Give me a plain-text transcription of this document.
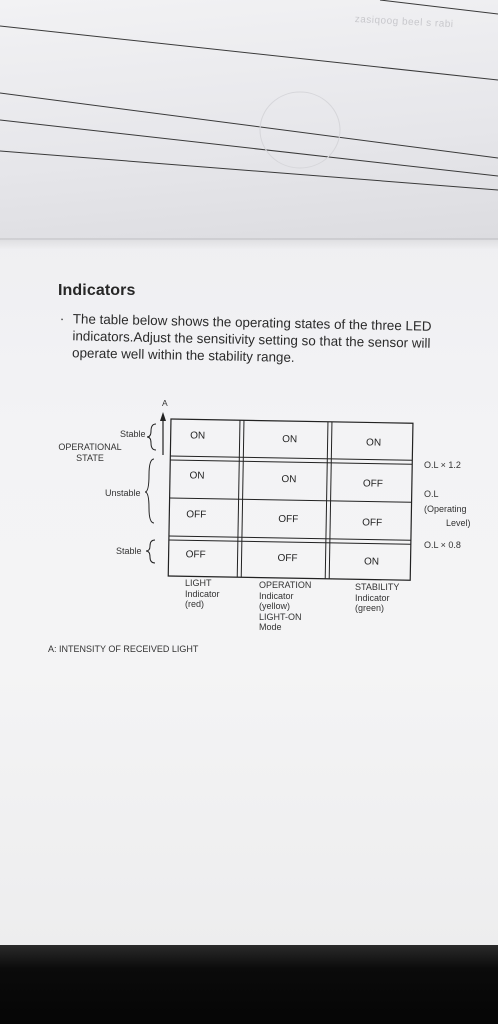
zasiqoog beel s rabi
Indicators
· The table below shows the operating states of the three LED indicators.Adjust the sensitivity setting so that the sensor will operate well within the stability range.
A
Stable
OPERATIONAL STATE
Unstable
Stable
ON	ON	ON
ON	ON	OFF
OFF	OFF	OFF
OFF	OFF	ON
O.L × 1.2
O.L
(Operating
Level)
O.L × 0.8
LIGHT
Indicator
(red)
OPERATION
Indicator
(yellow)
LIGHT-ON
Mode
STABILITY
Indicator
(green)
A: INTENSITY OF RECEIVED LIGHT
